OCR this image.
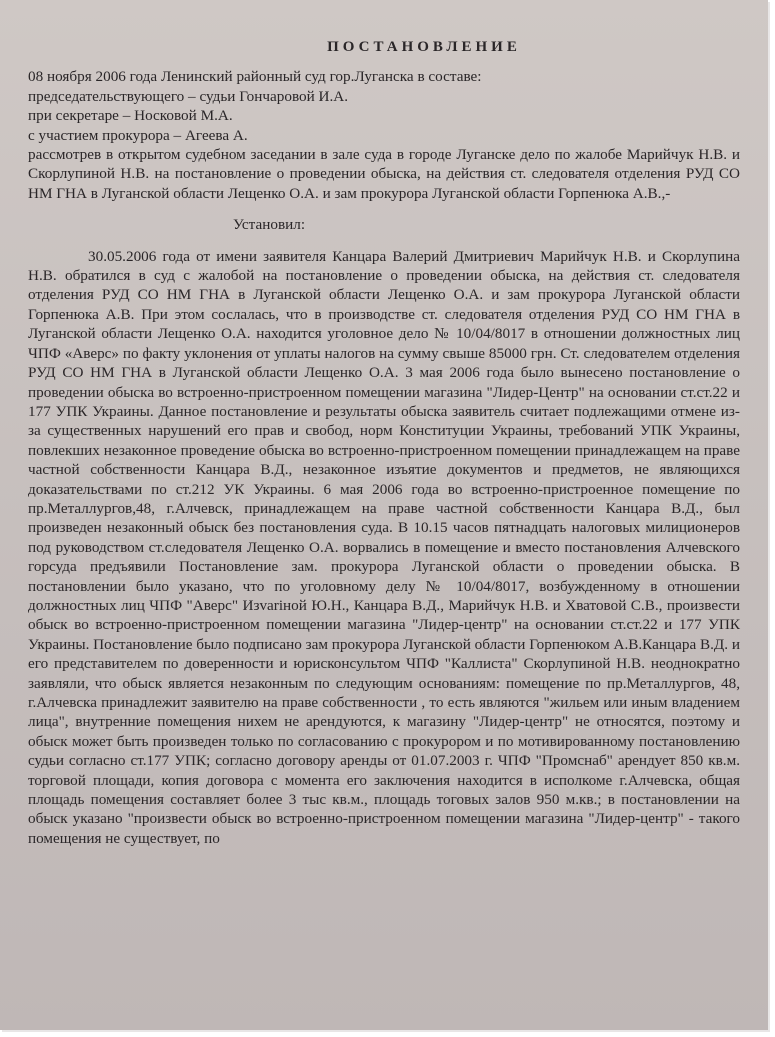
ПОСТАНОВЛЕНИЕ

08 ноября 2006 года Ленинский районный суд гор.Луганска в составе:

председательствующего – судьи Гончаровой И.А.

при секретаре – Носковой М.А.

с участием прокурора – Агеева А.

рассмотрев в открытом судебном заседании в зале суда в городе Луганске дело по жалобе Марийчук Н.В. и Скорлупиной Н.В. на постановление о проведении обыска, на действия ст. следователя отделения РУД СО НМ ГНА в Луганской области Лещенко О.А. и зам прокурора Луганской области Горпенюка А.В.,-

Установил:

30.05.2006 года от имени заявителя Канцара Валерий Дмитриевич Марийчук Н.В. и Скорлупина Н.В. обратился в суд с жалобой на постановление о проведении обыска, на действия ст. следователя отделения РУД СО НМ ГНА в Луганской области Лещенко О.А. и зам прокурора Луганской области Горпенюка А.В. При этом сослалась, что в производстве ст. следователя отделения РУД СО НМ ГНА в Луганской области Лещенко О.А. находится уголовное дело № 10/04/8017 в отношении должностных лиц ЧПФ «Аверс» по факту уклонения от уплаты налогов на сумму свыше 85000 грн. Ст. следователем отделения РУД СО НМ ГНА в Луганской области Лещенко О.А. 3 мая 2006 года было вынесено постановление о проведении обыска во встроенно-пристроенном помещении магазина "Лидер-Центр" на основании ст.ст.22 и 177 УПК Украины. Данное постановление и результаты обыска заявитель считает подлежащими отмене из-за существенных нарушений его прав и свобод, норм Конституции Украины, требований УПК Украины, повлекших незаконное проведение обыска во встроенно-пристроенном помещении принадлежащем на праве частной собственности Канцара В.Д., незаконное изъятие документов и предметов, не являющихся доказательствами по ст.212 УК Украины. 6 мая 2006 года во встроенно-пристроенное помещение по пр.Металлургов,48, г.Алчевск, принадлежащем на праве частной собственности Канцара В.Д., был произведен незаконный обыск без постановления суда. В 10.15 часов пятнадцать налоговых милиционеров под руководством ст.следователя Лещенко О.А. ворвались в помещение и вместо постановления Алчевского горсуда предъявили Постановление зам. прокурора Луганской области о проведении обыска. В постановлении было указано, что по уголовному делу № 10/04/8017, возбужденному в отношении должностных лиц ЧПФ "Аверс" Изvariной Ю.Н., Канцара В.Д., Марийчук Н.В. и Хватовой С.В., произвести обыск во встроенно-пристроенном помещении магазина "Лидер-центр" на основании ст.ст.22 и 177 УПК Украины. Постановление было подписано зам прокурора Луганской области Горпенюком А.В.Канцара В.Д. и его представителем по доверенности и юрисконсультом ЧПФ "Каллиста" Скорлупиной Н.В. неоднократно заявляли, что обыск является незаконным по следующим основаниям: помещение по пр.Металлургов, 48, г.Алчевска принадлежит заявителю на праве собственности , то есть являются "жильем или иным владением лица", внутренние помещения нихем не арендуются, к магазину "Лидер-центр" не относятся, поэтому и обыск может быть произведен только по согласованию с прокурором и по мотивированному постановлению судьи согласно ст.177 УПК; согласно договору аренды от 01.07.2003 г. ЧПФ "Промснаб" арендует 850 кв.м. торговой площади, копия договора с момента его заключения находится в исполкоме г.Алчевска, общая площадь помещения составляет более 3 тыс кв.м., площадь тоговых залов 950 м.кв.; в постановлении на обыск указано "произвести обыск во встроенно-пристроенном помещении магазина "Лидер-центр" - такого помещения не существует, по
